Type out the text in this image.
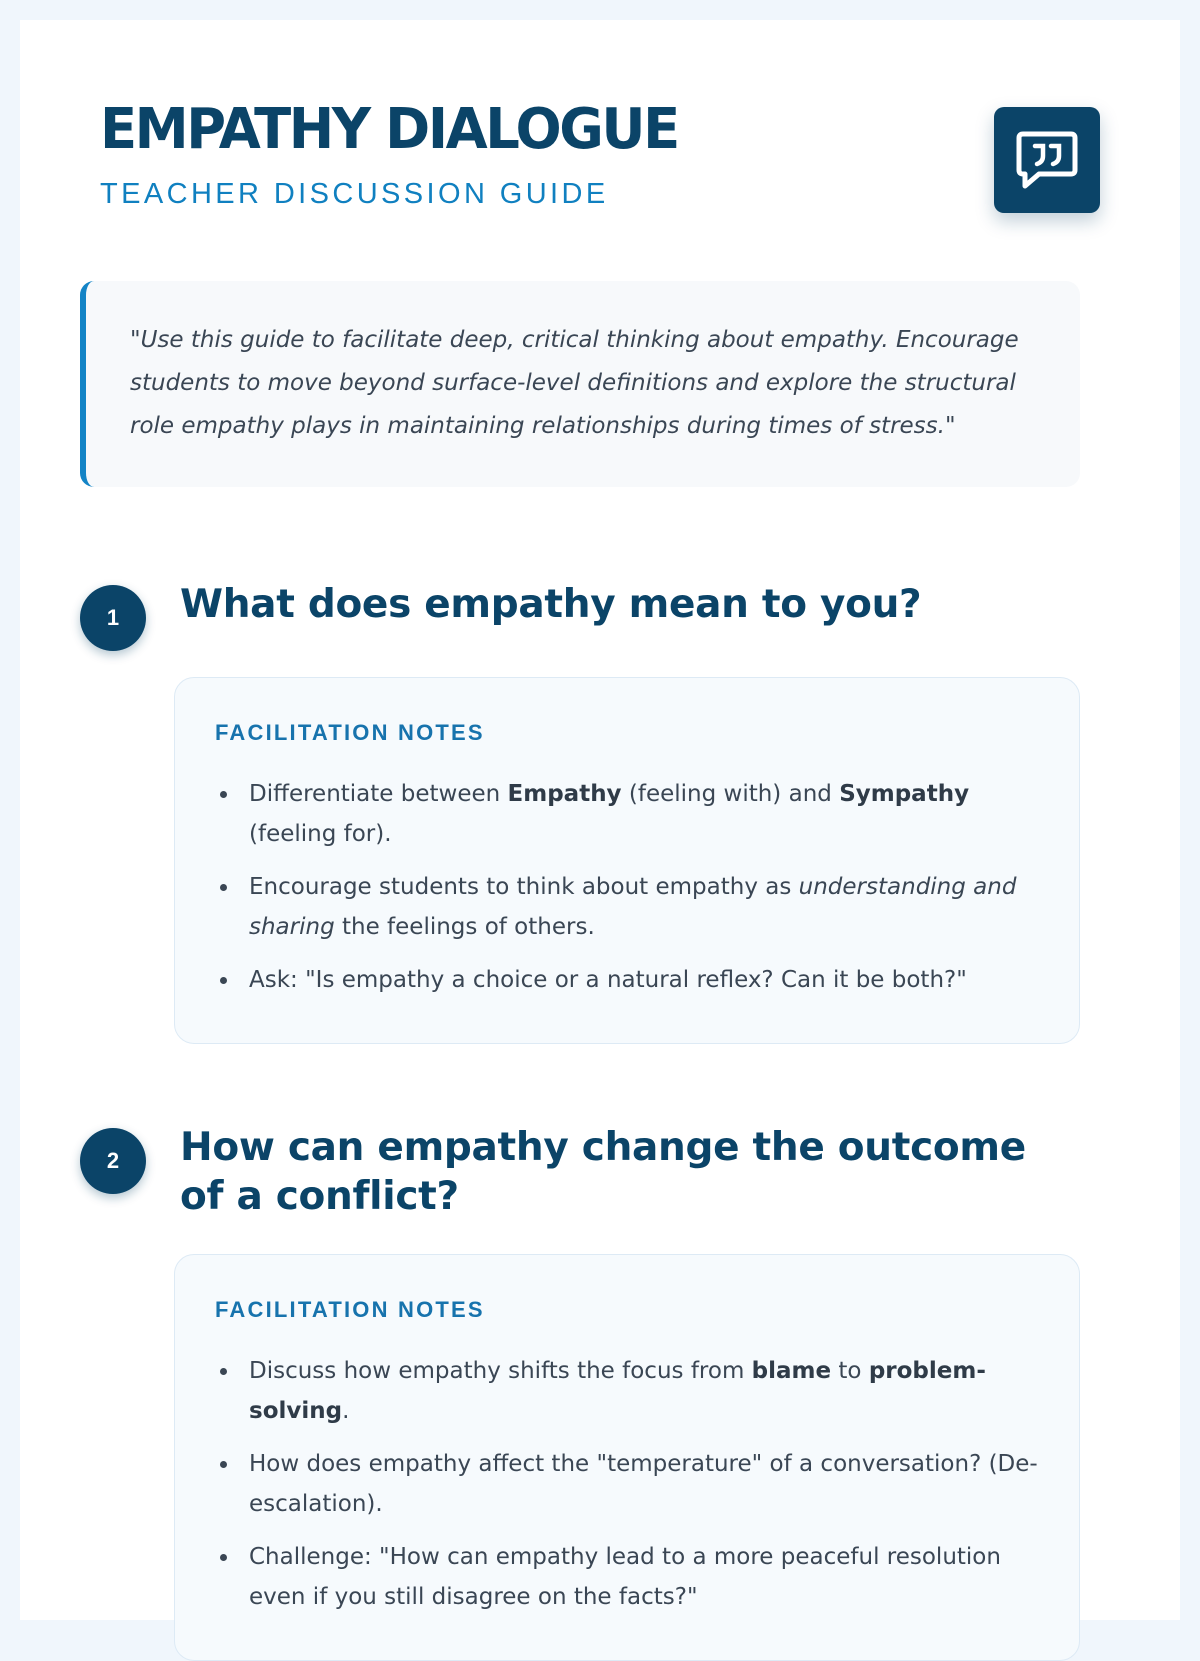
EMPATHY DIALOGUE
TEACHER DISCUSSION GUIDE
"Use this guide to facilitate deep, critical thinking about empathy. Encourage students to move beyond surface-level definitions and explore the structural role empathy plays in maintaining relationships during times of stress."
1	What does empathy mean to you?
FACILITATION NOTES
Differentiate between Empathy (feeling with) and Sympathy (feeling for).
Encourage students to think about empathy as understanding and sharing the feelings of others.
Ask: "Is empathy a choice or a natural reflex? Can it be both?"
2	How can empathy change the outcome of a conflict?
FACILITATION NOTES
Discuss how empathy shifts the focus from blame to problem-solving.
How does empathy affect the "temperature" of a conversation? (De-escalation).
Challenge: "How can empathy lead to a more peaceful resolution even if you still disagree on the facts?"
